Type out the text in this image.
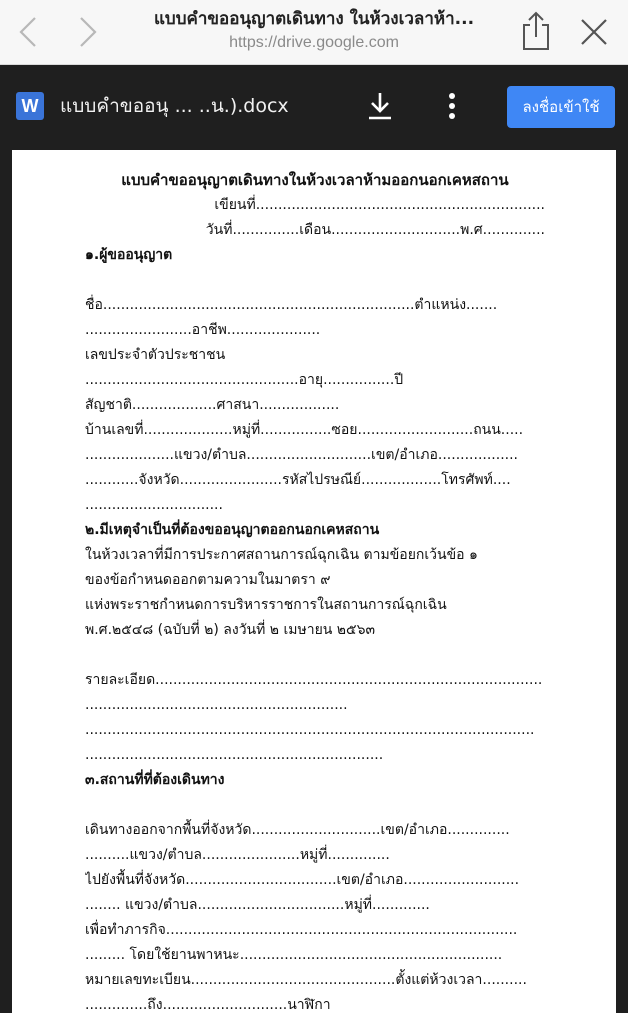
แบบคำขออนุญาตเดินทาง ในห้วงเวลาห้า...
https://drive.google.com
W แบบคำขออนุ ... ..น.).docx	ลงชื่อเข้าใช้
แบบคำขออนุญาตเดินทางในห้วงเวลาห้ามออกนอกเคหสถาน
เขียนที่.................................................................
วันที่...............เดือน.............................พ.ศ..............
๑.ผู้ขออนุญาต
ชื่อ......................................................................ตำแหน่ง.......
........................อาชีพ.....................
เลขประจำตัวประชาชน
................................................อายุ................ปี
สัญชาติ...................ศาสนา..................
บ้านเลขที่....................หมู่ที่................ซอย..........................ถนน.....
....................แขวง/ตำบล............................เขต/อำเภอ..................
............จังหวัด.......................รหัสไปรษณีย์..................โทรศัพท์....
...............................
๒.มีเหตุจำเป็นที่ต้องขออนุญาตออกนอกเคหสถาน
ในห้วงเวลาที่มีการประกาศสถานการณ์ฉุกเฉิน ตามข้อยกเว้นข้อ ๑
ของข้อกำหนดออกตามความในมาตรา ๙
แห่งพระราชกำหนดการบริหารราชการในสถานการณ์ฉุกเฉิน
พ.ศ.๒๕๔๘ (ฉบับที่ ๒) ลงวันที่ ๒ เมษายน ๒๕๖๓
รายละเอียด.......................................................................................
...........................................................
.....................................................................................................
...................................................................
๓.สถานที่ที่ต้องเดินทาง
เดินทางออกจากพื้นที่จังหวัด.............................เขต/อำเภอ..............
..........แขวง/ตำบล......................หมู่ที่..............
ไปยังพื้นที่จังหวัด..................................เขต/อำเภอ..........................
........ แขวง/ตำบล.................................หมู่ที่.............
เพื่อทำภารกิจ...............................................................................
......... โดยใช้ยานพาหนะ...........................................................
หมายเลขทะเบียน..............................................ตั้งแต่ห้วงเวลา..........
..............ถึง............................นาฬิกา
